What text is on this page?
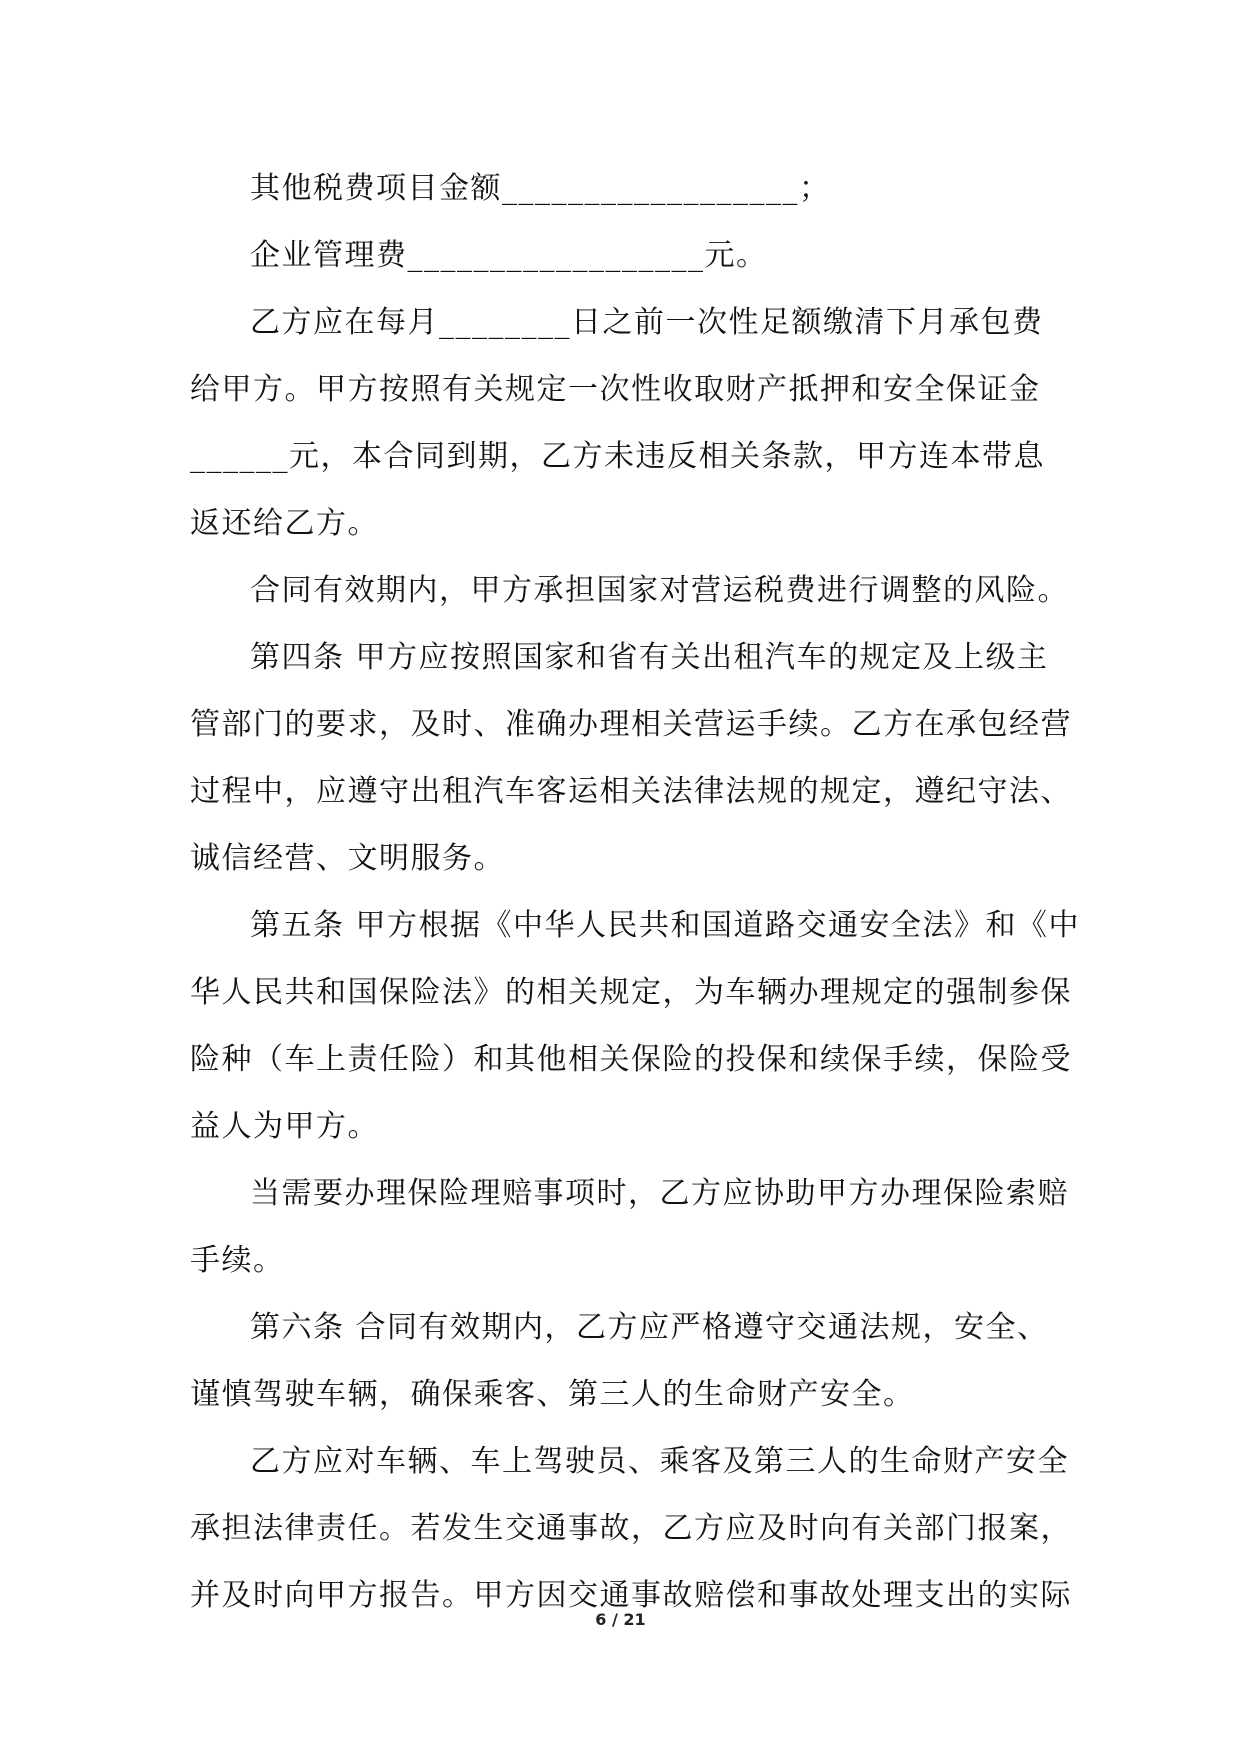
其他税费项目金额__________________；
企业管理费__________________元。
乙方应在每月________日之前一次性足额缴清下月承包费
给甲方。甲方按照有关规定一次性收取财产抵押和安全保证金
______元，本合同到期，乙方未违反相关条款，甲方连本带息
返还给乙方。
合同有效期内，甲方承担国家对营运税费进行调整的风险。
第四条 甲方应按照国家和省有关出租汽车的规定及上级主
管部门的要求，及时、准确办理相关营运手续。乙方在承包经营
过程中，应遵守出租汽车客运相关法律法规的规定，遵纪守法、
诚信经营、文明服务。
第五条 甲方根据《中华人民共和国道路交通安全法》和《中
华人民共和国保险法》的相关规定，为车辆办理规定的强制参保
险种（车上责任险）和其他相关保险的投保和续保手续，保险受
益人为甲方。
当需要办理保险理赔事项时，乙方应协助甲方办理保险索赔
手续。
第六条 合同有效期内，乙方应严格遵守交通法规，安全、
谨慎驾驶车辆，确保乘客、第三人的生命财产安全。
乙方应对车辆、车上驾驶员、乘客及第三人的生命财产安全
承担法律责任。若发生交通事故，乙方应及时向有关部门报案，
并及时向甲方报告。甲方因交通事故赔偿和事故处理支出的实际
6 / 21
